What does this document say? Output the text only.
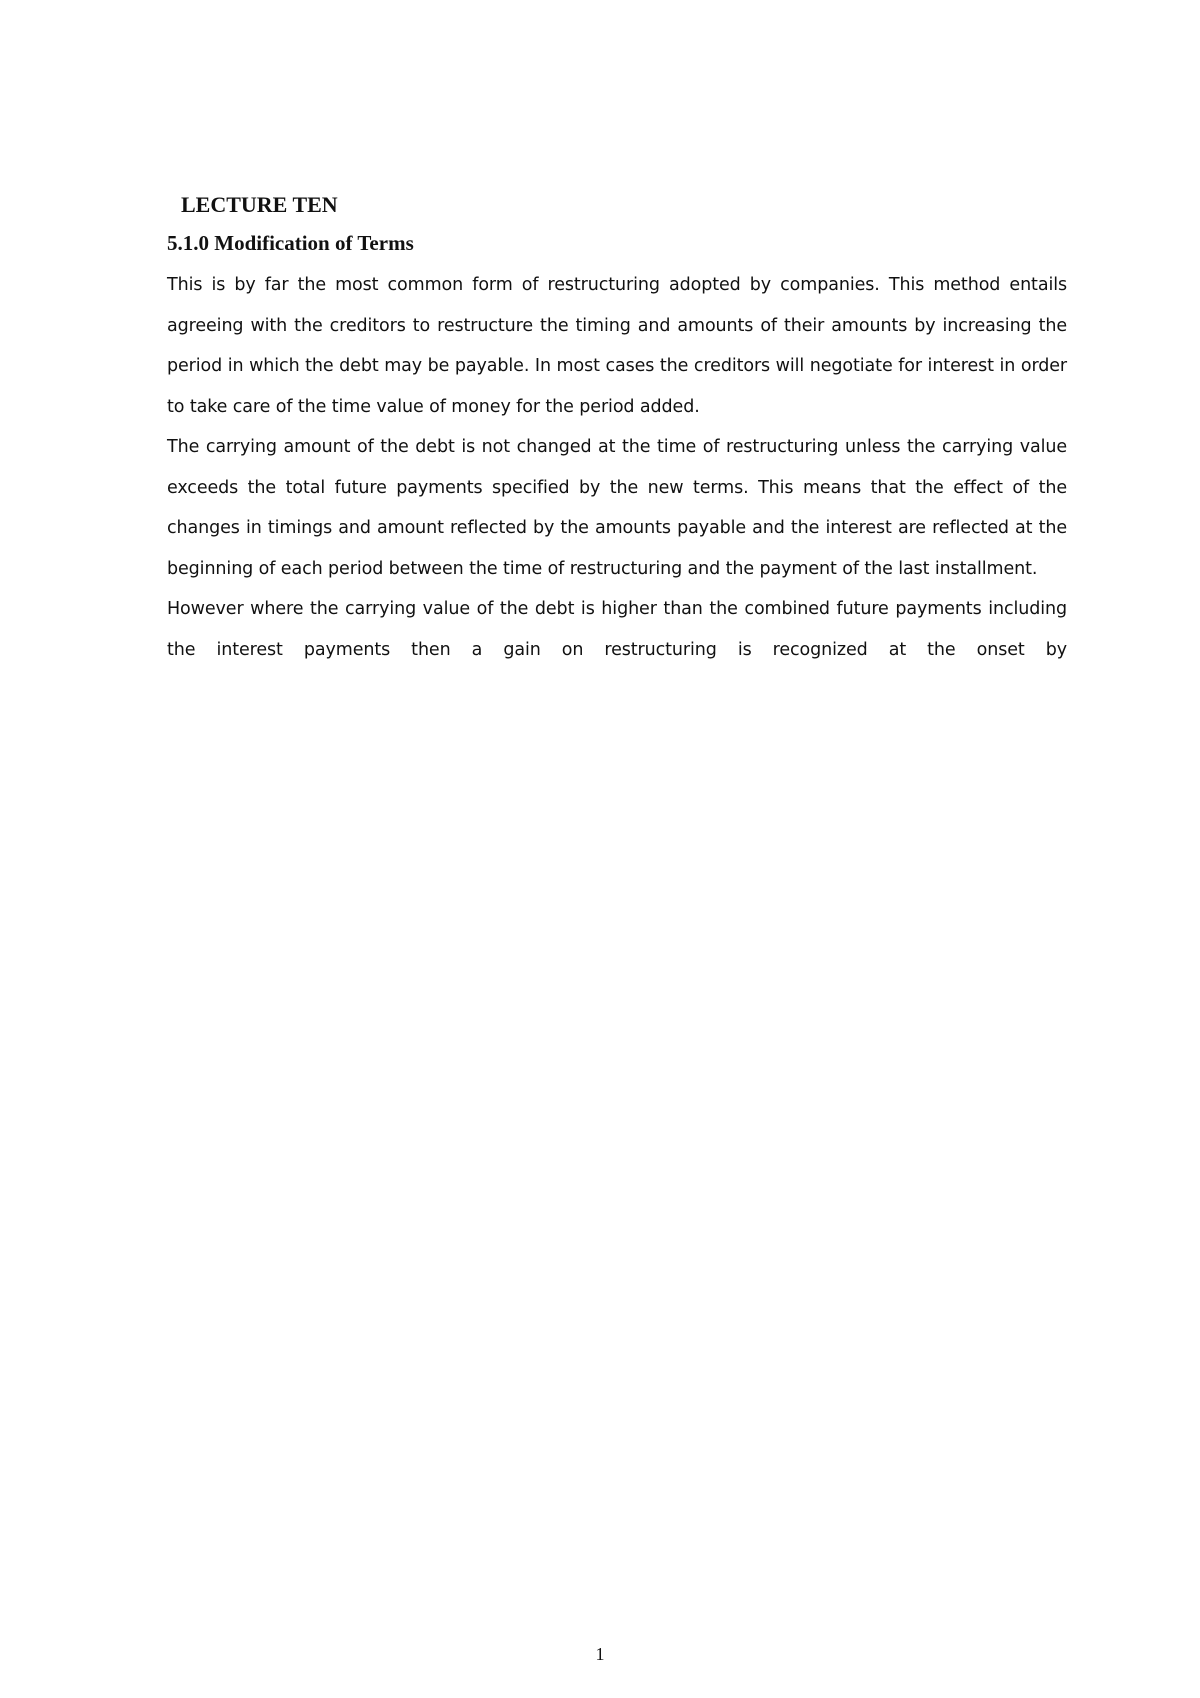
LECTURE TEN
5.1.0 Modification of Terms

This is by far the most common form of restructuring adopted by companies. This method entails agreeing with the creditors to restructure the timing and amounts of their amounts by increasing the period in which the debt may be payable. In most cases the creditors will negotiate for interest in order to take care of the time value of money for the period added.

The carrying amount of the debt is not changed at the time of restructuring unless the carrying value exceeds the total future payments specified by the new terms. This means that the effect of the changes in timings and amount reflected by the amounts payable and the interest are reflected at the beginning of each period between the time of restructuring and the payment of the last installment.

However where the carrying value of the debt is higher than the combined future payments including the interest payments then a gain on restructuring is recognized at the onset by

1
